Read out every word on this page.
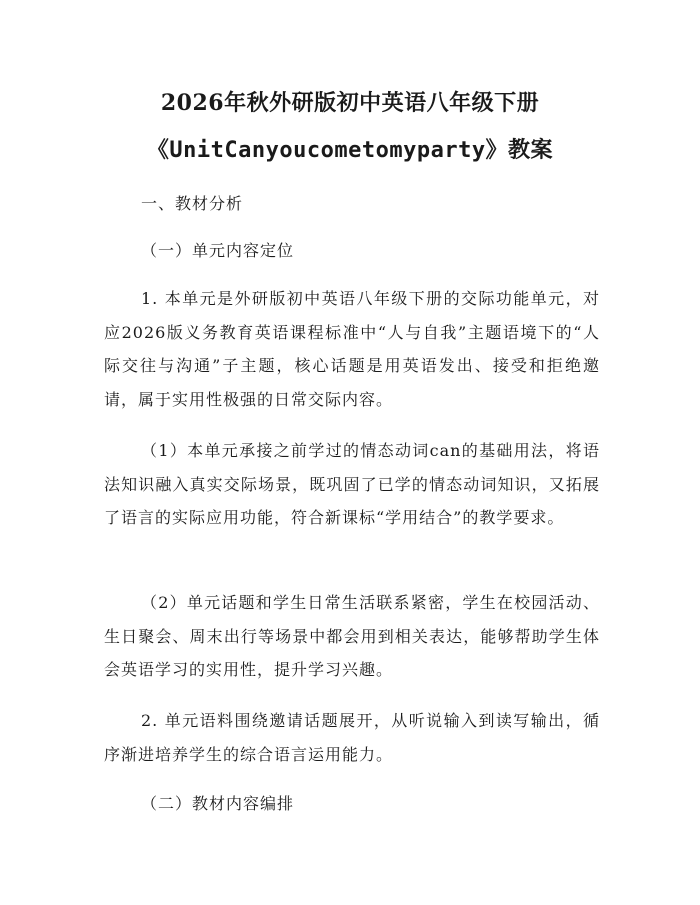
2026年秋外研版初中英语八年级下册
《UnitCanyoucometomyparty》教案
一、教材分析
（一）单元内容定位
1. 本单元是外研版初中英语八年级下册的交际功能单元，对应2026版义务教育英语课程标准中“人与自我”主题语境下的“人际交往与沟通”子主题，核心话题是用英语发出、接受和拒绝邀请，属于实用性极强的日常交际内容。
（1）本单元承接之前学过的情态动词can的基础用法，将语法知识融入真实交际场景，既巩固了已学的情态动词知识，又拓展了语言的实际应用功能，符合新课标“学用结合”的教学要求。
（2）单元话题和学生日常生活联系紧密，学生在校园活动、生日聚会、周末出行等场景中都会用到相关表达，能够帮助学生体会英语学习的实用性，提升学习兴趣。
2. 单元语料围绕邀请话题展开，从听说输入到读写输出，循序渐进培养学生的综合语言运用能力。
（二）教材内容编排
